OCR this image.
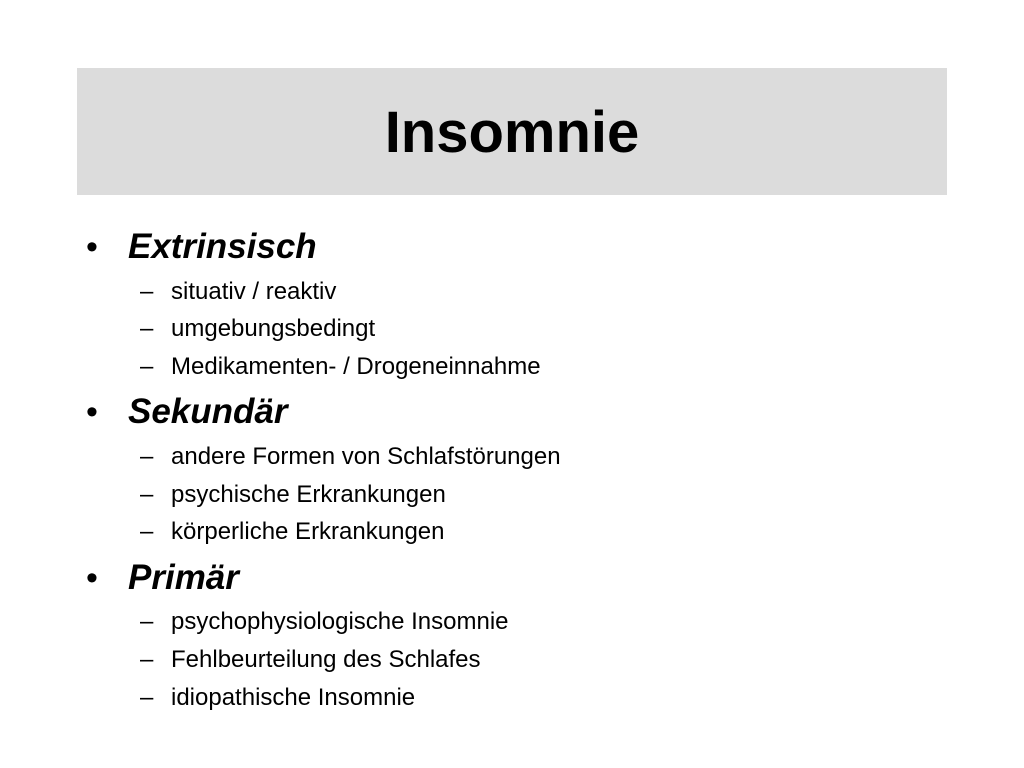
Insomnie
• Extrinsisch
– situativ / reaktiv
– umgebungsbedingt
– Medikamenten- / Drogeneinnahme
• Sekundär
– andere Formen von Schlafstörungen
– psychische Erkrankungen
– körperliche Erkrankungen
• Primär
– psychophysiologische Insomnie
– Fehlbeurteilung des Schlafes
– idiopathische Insomnie
